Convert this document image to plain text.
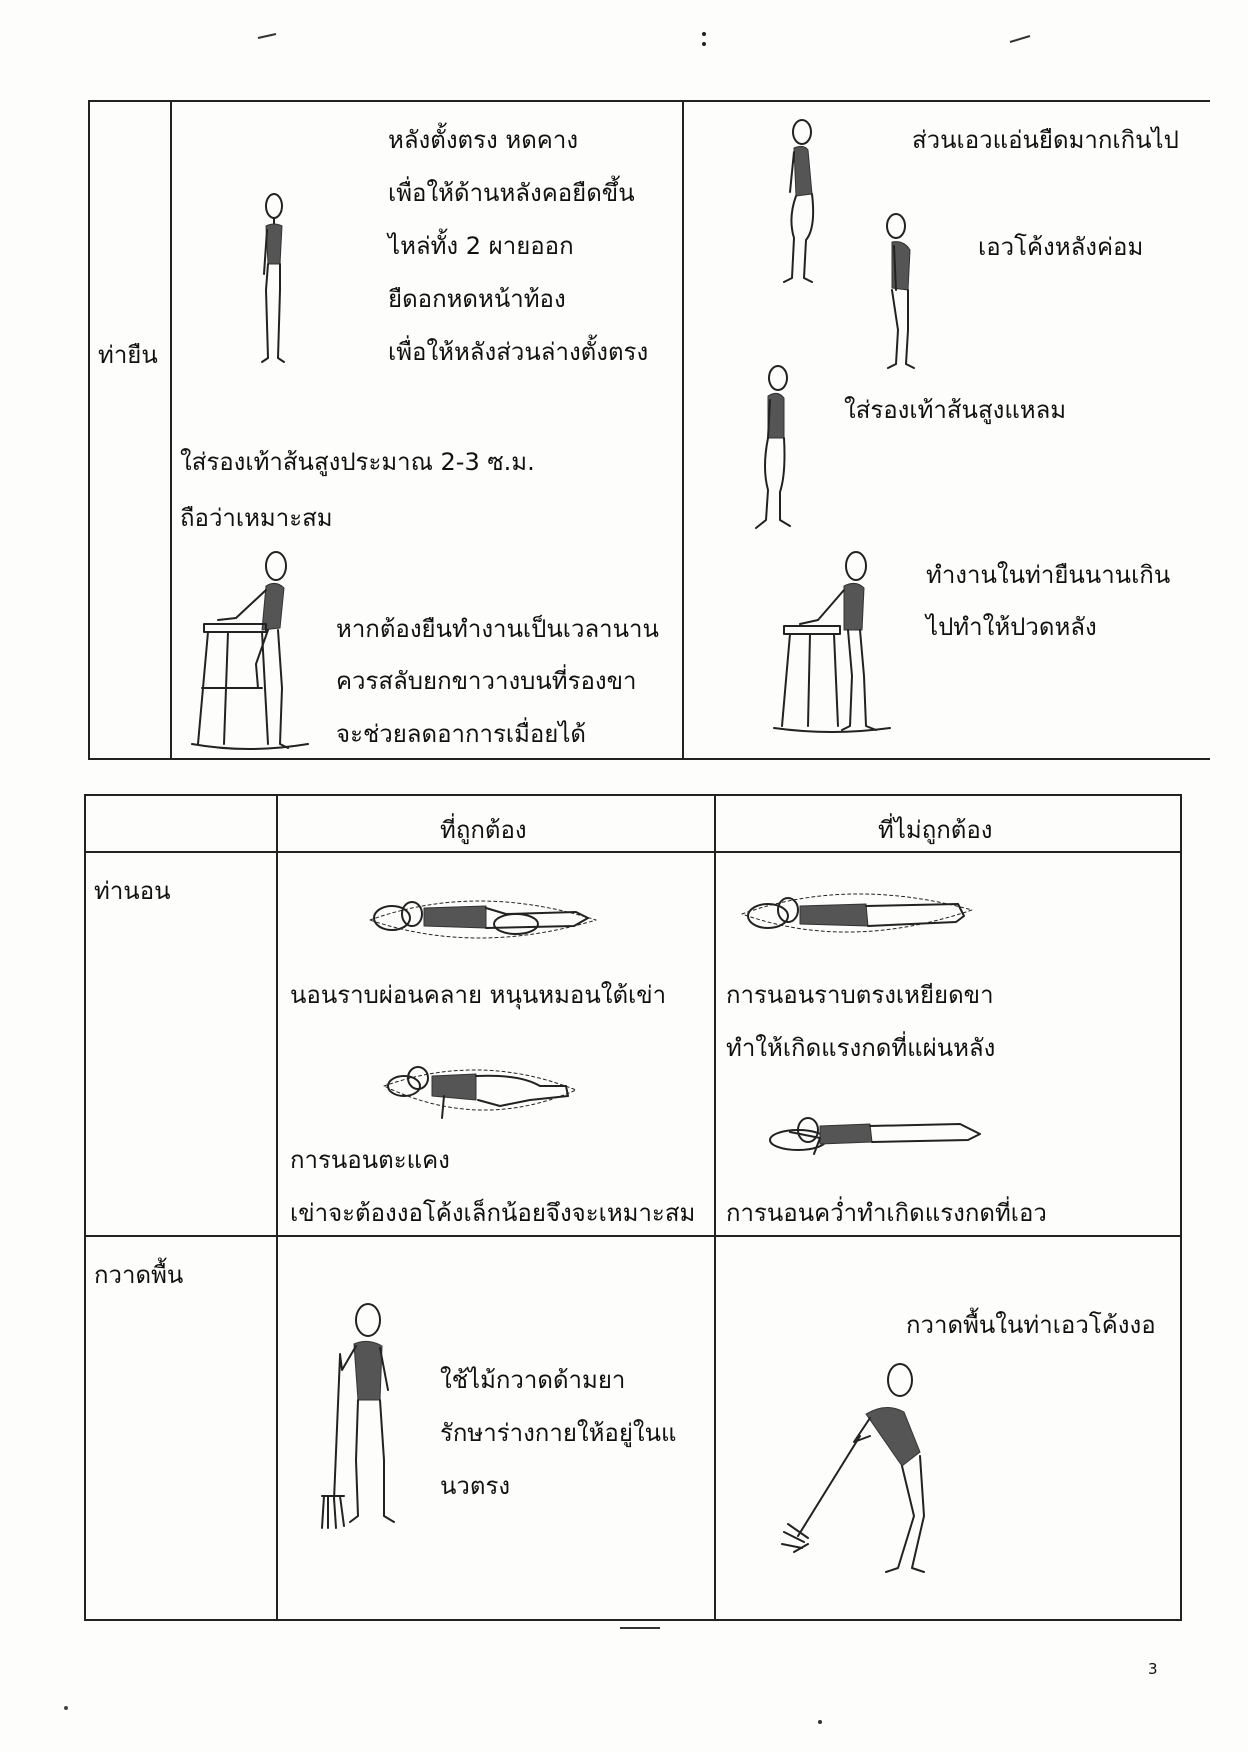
ท่ายืน
หลังตั้งตรง หดคาง
เพื่อให้ด้านหลังคอยืดขึ้น
ไหล่ทั้ง 2 ผายออก
ยืดอกหดหน้าท้อง
เพื่อให้หลังส่วนล่างตั้งตรง
ใส่รองเท้าส้นสูงประมาณ 2-3 ซ.ม.
ถือว่าเหมาะสม
หากต้องยืนทำงานเป็นเวลานาน
ควรสลับยกขาวางบนที่รองขา
จะช่วยลดอาการเมื่อยได้
ส่วนเอวแอ่นยืดมากเกินไป
เอวโค้งหลังค่อม
ใส่รองเท้าส้นสูงแหลม
ทำงานในท่ายืนนานเกิน
ไปทำให้ปวดหลัง
ที่ถูกต้อง	ที่ไม่ถูกต้อง
ท่านอน
นอนราบผ่อนคลาย หนุนหมอนใต้เข่า
การนอนตะแคง
เข่าจะต้องงอโค้งเล็กน้อยจึงจะเหมาะสม
การนอนราบตรงเหยียดขา
ทำให้เกิดแรงกดที่แผ่นหลัง
การนอนคว่ำทำเกิดแรงกดที่เอว
กวาดพื้น
ใช้ไม้กวาดด้ามยา
รักษาร่างกายให้อยู่ในแ
นวตรง
กวาดพื้นในท่าเอวโค้งงอ
3
